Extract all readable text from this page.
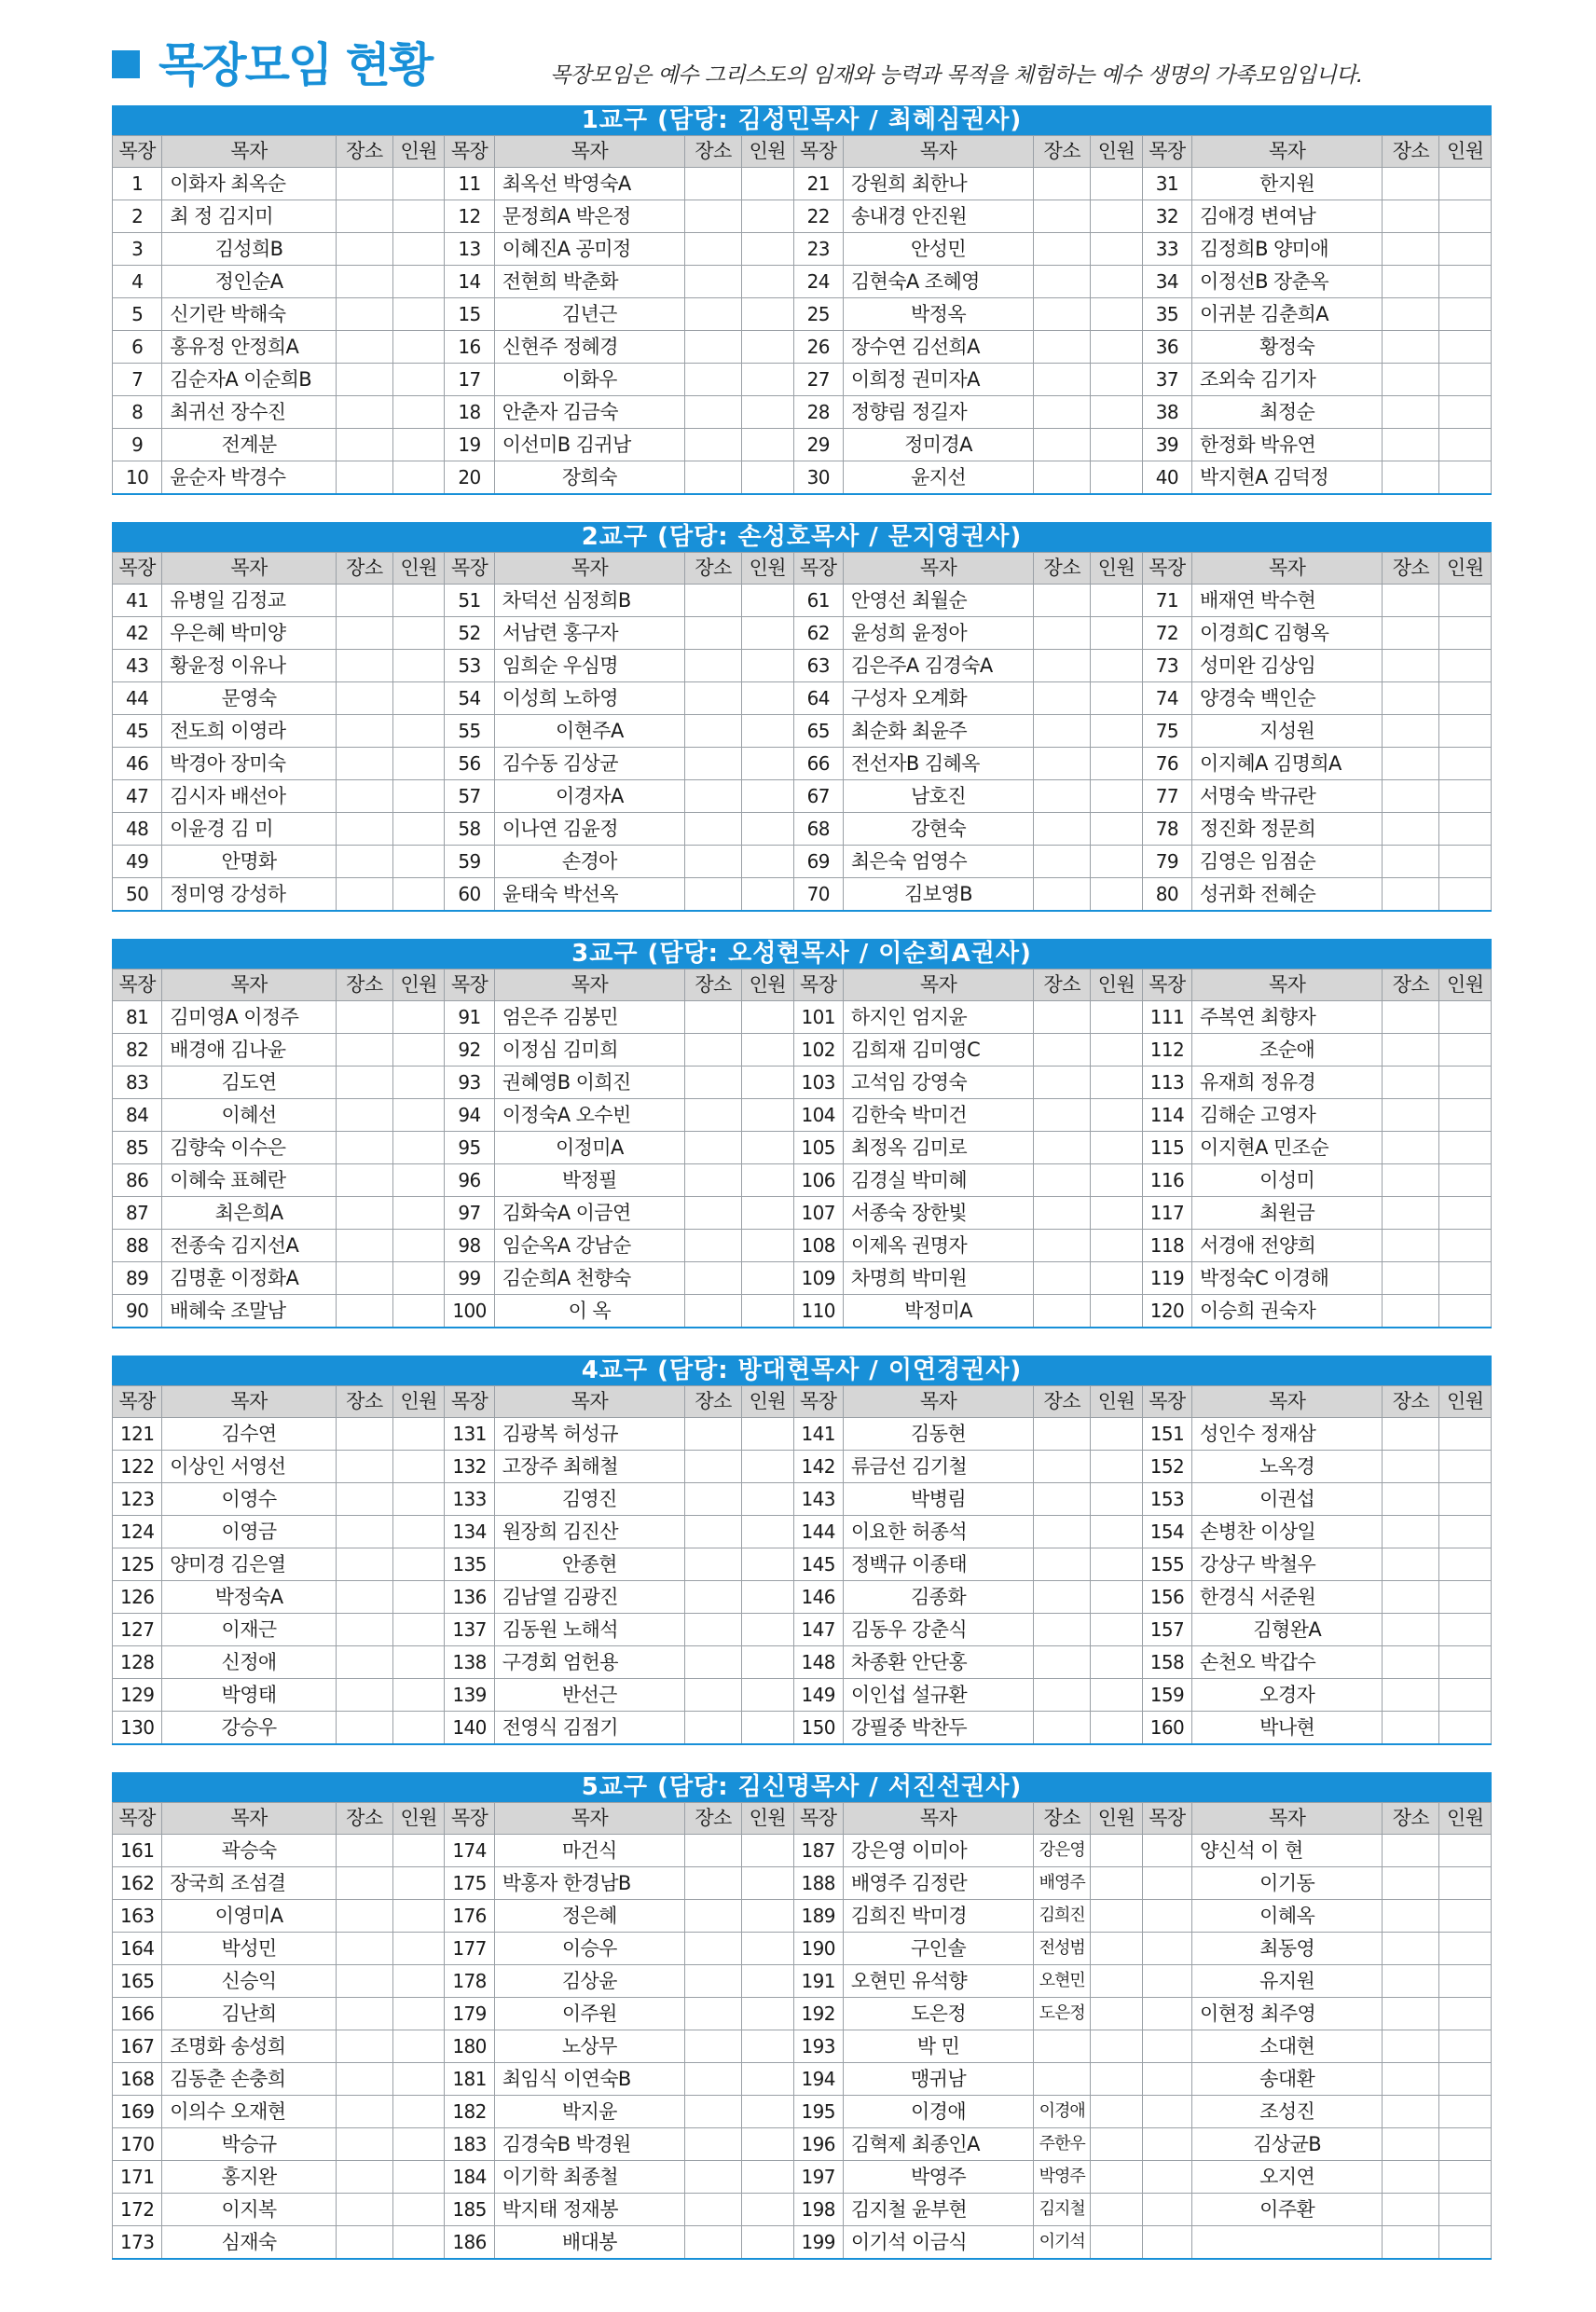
목장모임 현황	목장모임은 예수 그리스도의 임재와 능력과 목적을 체험하는 예수 생명의 가족모임입니다.
1교구 (담당: 김성민목사 / 최혜심권사)
목장	목자	장소	인원	목장	목자	장소	인원	목장	목자	장소	인원	목장	목자	장소	인원
1	이화자 최옥순			11	최옥선 박영숙A			21	강원희 최한나			31	한지원		
2	최 정 김지미			12	문정희A 박은정			22	송내경 안진원			32	김애경 변여남		
3	김성희B			13	이혜진A 공미정			23	안성민			33	김정희B 양미애		
4	정인순A			14	전현희 박춘화			24	김현숙A 조혜영			34	이정선B 장춘옥		
5	신기란 박해숙			15	김년근			25	박정옥			35	이귀분 김춘희A		
6	홍유정 안정희A			16	신현주 정혜경			26	장수연 김선희A			36	황정숙		
7	김순자A 이순희B			17	이화우			27	이희정 권미자A			37	조외숙 김기자		
8	최귀선 장수진			18	안춘자 김금숙			28	정향림 정길자			38	최정순		
9	전계분			19	이선미B 김귀남			29	정미경A			39	한정화 박유연		
10	윤순자 박경수			20	장희숙			30	윤지선			40	박지현A 김덕정		
2교구 (담당: 손성호목사 / 문지영권사)
목장	목자	장소	인원	목장	목자	장소	인원	목장	목자	장소	인원	목장	목자	장소	인원
41	유병일 김정교			51	차덕선 심정희B			61	안영선 최월순			71	배재연 박수현		
42	우은혜 박미양			52	서남련 홍구자			62	윤성희 윤정아			72	이경희C 김형옥		
43	황윤정 이유나			53	임희순 우심명			63	김은주A 김경숙A			73	성미완 김상임		
44	문영숙			54	이성희 노하영			64	구성자 오계화			74	양경숙 백인순		
45	전도희 이영라			55	이현주A			65	최순화 최윤주			75	지성원		
46	박경아 장미숙			56	김수동 김상균			66	전선자B 김혜옥			76	이지혜A 김명희A		
47	김시자 배선아			57	이경자A			67	남호진			77	서명숙 박규란		
48	이윤경 김 미			58	이나연 김윤정			68	강현숙			78	정진화 정문희		
49	안명화			59	손경아			69	최은숙 엄영수			79	김영은 임점순		
50	정미영 강성하			60	윤태숙 박선옥			70	김보영B			80	성귀화 전혜순		
3교구 (담당: 오성현목사 / 이순희A권사)
목장	목자	장소	인원	목장	목자	장소	인원	목장	목자	장소	인원	목장	목자	장소	인원
81	김미영A 이정주			91	엄은주 김봉민			101	하지인 엄지윤			111	주복연 최향자		
82	배경애 김나윤			92	이정심 김미희			102	김희재 김미영C			112	조순애		
83	김도연			93	권혜영B 이희진			103	고석임 강영숙			113	유재희 정유경		
84	이혜선			94	이정숙A 오수빈			104	김한숙 박미건			114	김해순 고영자		
85	김향숙 이수은			95	이정미A			105	최정옥 김미로			115	이지현A 민조순		
86	이혜숙 표혜란			96	박정필			106	김경실 박미혜			116	이성미		
87	최은희A			97	김화숙A 이금연			107	서종숙 장한빛			117	최원금		
88	전종숙 김지선A			98	임순옥A 강남순			108	이제옥 권명자			118	서경애 전양희		
89	김명훈 이정화A			99	김순희A 천향숙			109	차명희 박미원			119	박정숙C 이경해		
90	배혜숙 조말남			100	이 옥			110	박정미A			120	이승희 권숙자		
4교구 (담당: 방대현목사 / 이연경권사)
목장	목자	장소	인원	목장	목자	장소	인원	목장	목자	장소	인원	목장	목자	장소	인원
121	김수연			131	김광복 허성규			141	김동현			151	성인수 정재삼		
122	이상인 서영선			132	고장주 최해철			142	류금선 김기철			152	노옥경		
123	이영수			133	김영진			143	박병림			153	이권섭		
124	이영금			134	원장희 김진산			144	이요한 허종석			154	손병찬 이상일		
125	양미경 김은열			135	안종현			145	정백규 이종태			155	강상구 박철우		
126	박정숙A			136	김남열 김광진			146	김종화			156	한경식 서준원		
127	이재근			137	김동원 노해석			147	김동우 강춘식			157	김형완A		
128	신정애			138	구경회 엄헌용			148	차종환 안단홍			158	손천오 박갑수		
129	박영태			139	반선근			149	이인섭 설규환			159	오경자		
130	강승우			140	전영식 김점기			150	강필중 박찬두			160	박나현		
5교구 (담당: 김신명목사 / 서진선권사)
목장	목자	장소	인원	목장	목자	장소	인원	목장	목자	장소	인원	목장	목자	장소	인원
161	곽승숙			174	마건식			187	강은영 이미아	강은영			양신석 이 현		
162	장국희 조섬결			175	박홍자 한경남B			188	배영주 김정란	배영주			이기동		
163	이영미A			176	정은혜			189	김희진 박미경	김희진			이혜옥		
164	박성민			177	이승우			190	구인솔	전성범			최동영		
165	신승익			178	김상윤			191	오현민 유석향	오현민			유지원		
166	김난희			179	이주원			192	도은정	도은정			이현정 최주영		
167	조명화 송성희			180	노상무			193	박 민				소대현		
168	김동춘 손충희			181	최임식 이연숙B			194	맹귀남				송대환		
169	이의수 오재현			182	박지윤			195	이경애	이경애			조성진		
170	박승규			183	김경숙B 박경원			196	김혁제 최종인A	주한우			김상균B		
171	홍지완			184	이기학 최종철			197	박영주	박영주			오지연		
172	이지복			185	박지태 정재봉			198	김지철 윤부현	김지철			이주환		
173	심재숙			186	배대봉			199	이기석 이금식	이기석					
